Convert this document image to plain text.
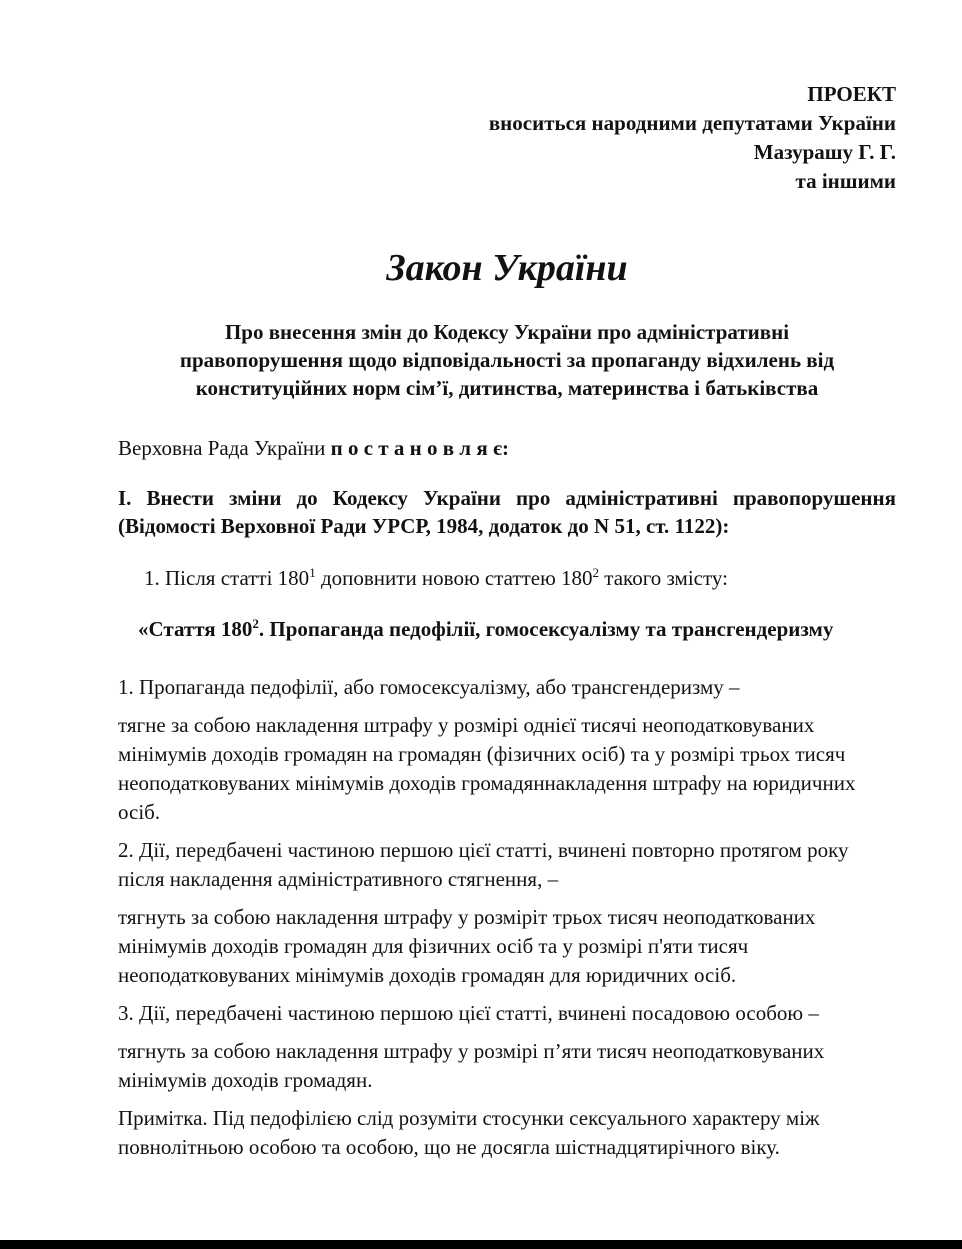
ПРОЕКТ
вноситься народними депутатами України
Мазурашу Г. Г.
та іншими
Закон України
Про внесення змін до Кодексу України про адміністративні правопорушення щодо відповідальності за пропаганду відхилень від конституційних норм сім’ї, дитинства, материнства і батьківства

Верховна Рада України п о с т а н о в л я є:

І. Внести зміни до Кодексу України про адміністративні правопорушення (Відомості Верховної Ради УРСР, 1984, додаток до N 51, ст. 1122):

1. Після статті $180^1$ доповнити новою статтею $180^2$ такого змісту:

«Стаття $180^2$. Пропаганда педофілії, гомосексуалізму та трансгендеризму

1. Пропаганда педофілії, або гомосексуалізму, або трансгендеризму –

тягне за собою накладення штрафу у розмірі однієї тисячі неоподатковуваних мінімумів доходів громадян на громадян (фізичних осіб) та у розмірі трьох тисяч неоподатковуваних мінімумів доходів громадяннакладення штрафу на юридичних осіб.

2. Дії, передбачені частиною першою цієї статті, вчинені повторно протягом року після накладення адміністративного стягнення, –

тягнуть за собою накладення штрафу у розміріт трьох тисяч неоподаткованих мінімумів доходів громадян для фізичних осіб та у розмірі п'яти тисяч неоподатковуваних мінімумів доходів громадян для юридичних осіб.

3. Дії, передбачені частиною першою цієї статті, вчинені посадовою особою –

тягнуть за собою накладення штрафу у розмірі п’яти тисяч неоподатковуваних мінімумів доходів громадян.

Примітка. Під педофілією слід розуміти стосунки сексуального характеру між повнолітньою особою та особою, що не досягла шістнадцятирічного віку.
